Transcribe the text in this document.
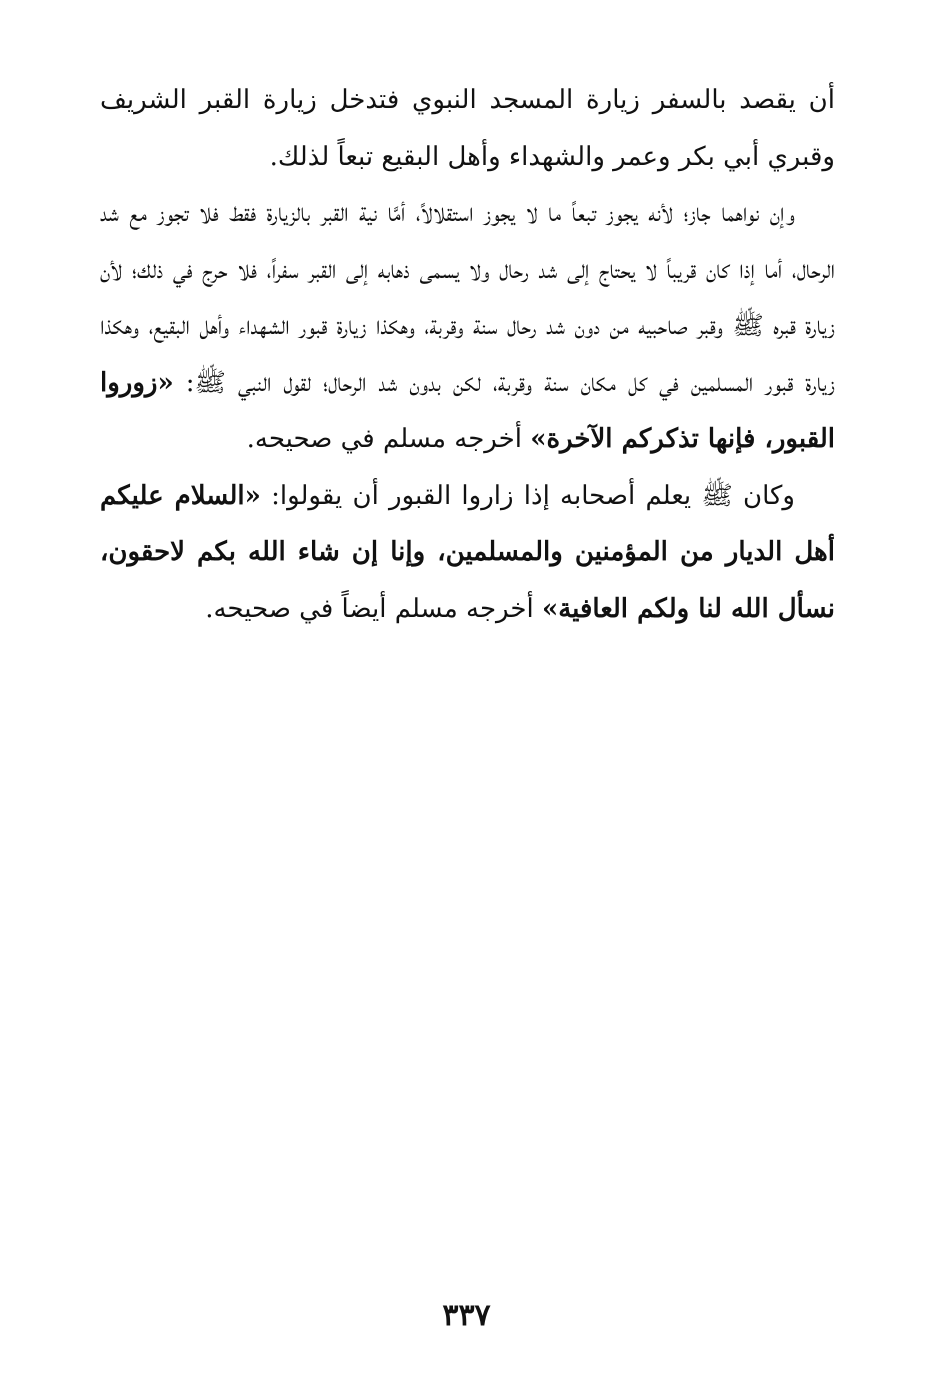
أن يقصد بالسفر زيارة المسجد النبوي فتدخل زيارة القبر الشريف وقبري أبي بكر وعمر والشهداء وأهل البقيع تبعاً لذلك.

وإن نواهما جاز؛ لأنه يجوز تبعاً ما لا يجوز استقلالاً، أمَّا نية القبر بالزيارة فقط فلا تجوز مع شد الرحال، أما إذا كان قريباً لا يحتاج إلى شد رحال ولا يسمى ذهابه إلى القبر سفراً، فلا حرج في ذلك؛ لأن زيارة قبره ﷺ وقبر صاحبيه من دون شد رحال سنة وقربة، وهكذا زيارة قبور الشهداء وأهل البقيع، وهكذا زيارة قبور المسلمين في كل مكان سنة وقربة، لكن بدون شد الرحال؛ لقول النبي ﷺ: «زوروا القبور، فإنها تذكركم الآخرة» أخرجه مسلم في صحيحه.

وكان ﷺ يعلم أصحابه إذا زاروا القبور أن يقولوا: «السلام عليكم أهل الديار من المؤمنين والمسلمين، وإنا إن شاء الله بكم لاحقون، نسأل الله لنا ولكم العافية» أخرجه مسلم أيضاً في صحيحه.

٣٣٧
